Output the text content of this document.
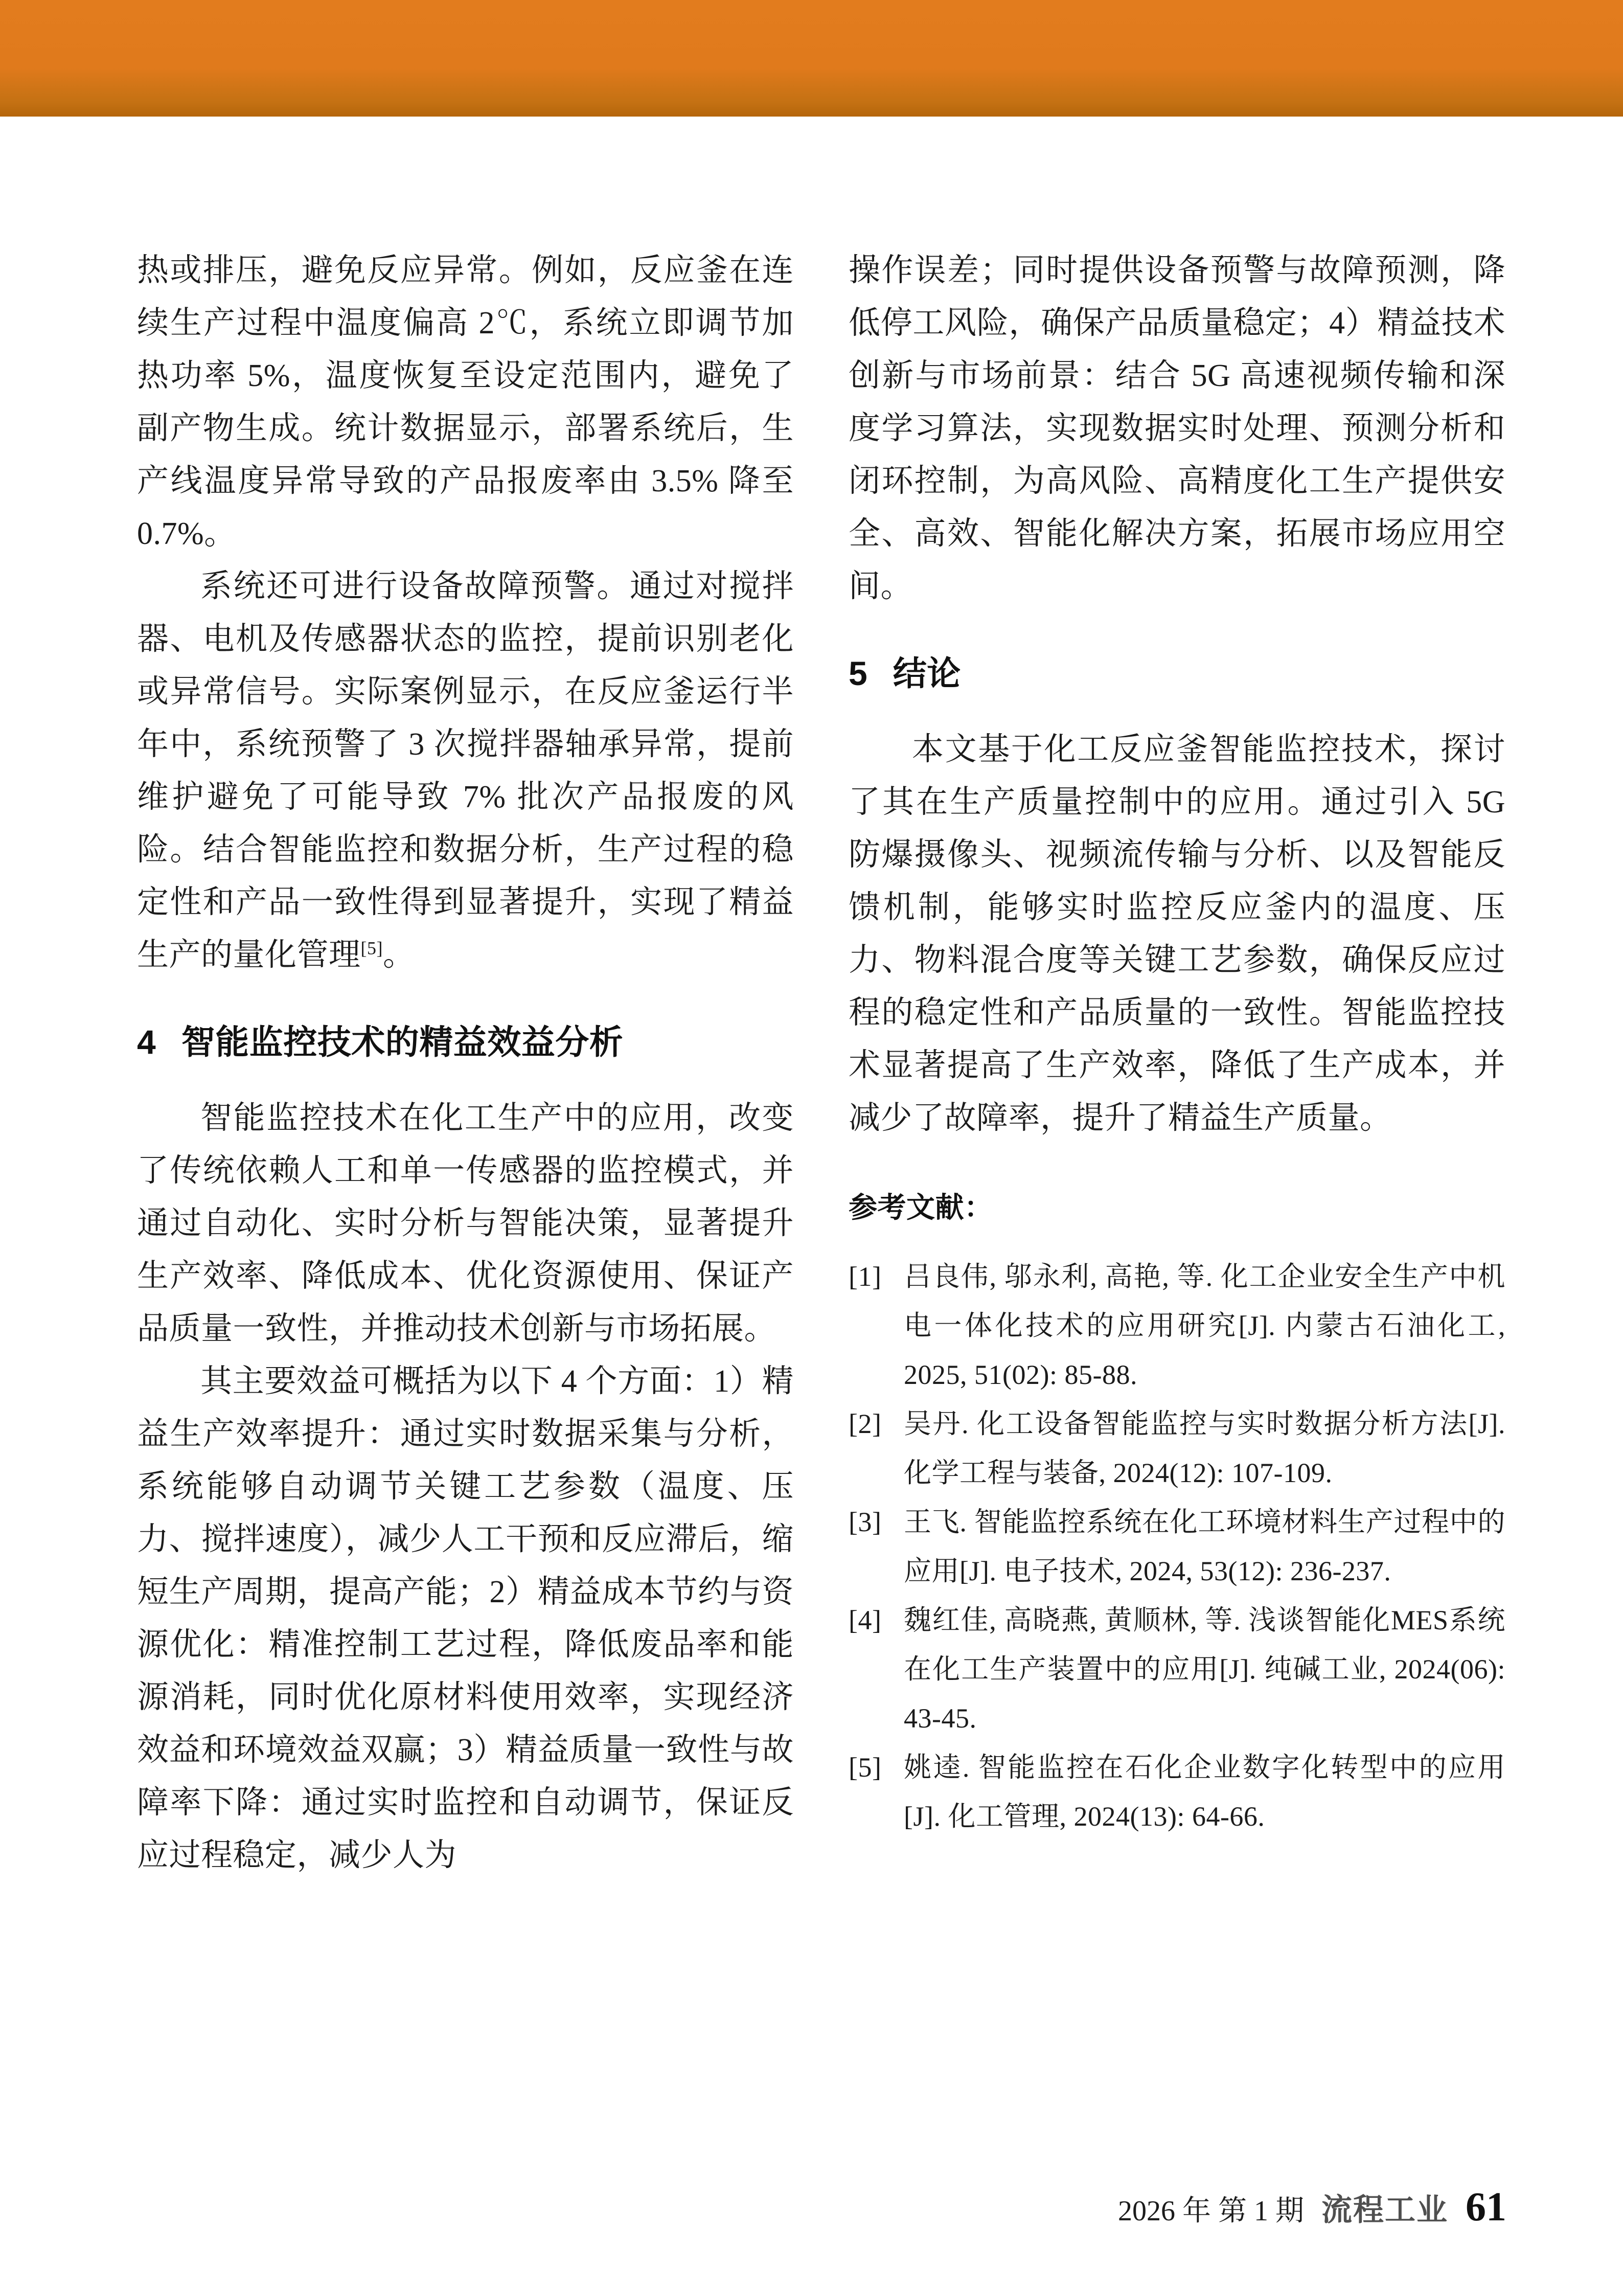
热或排压，避免反应异常。例如，反应釜在连续生产过程中温度偏高 2℃，系统立即调节加热功率 5%，温度恢复至设定范围内，避免了副产物生成。统计数据显示，部署系统后，生产线温度异常导致的产品报废率由 3.5% 降至 0.7%。

系统还可进行设备故障预警。通过对搅拌器、电机及传感器状态的监控，提前识别老化或异常信号。实际案例显示，在反应釜运行半年中，系统预警了 3 次搅拌器轴承异常，提前维护避免了可能导致 7% 批次产品报废的风险。结合智能监控和数据分析，生产过程的稳定性和产品一致性得到显著提升，实现了精益生产的量化管理[5]。

4 智能监控技术的精益效益分析

智能监控技术在化工生产中的应用，改变了传统依赖人工和单一传感器的监控模式，并通过自动化、实时分析与智能决策，显著提升生产效率、降低成本、优化资源使用、保证产品质量一致性，并推动技术创新与市场拓展。

其主要效益可概括为以下 4 个方面：1）精益生产效率提升：通过实时数据采集与分析，系统能够自动调节关键工艺参数（温度、压力、搅拌速度），减少人工干预和反应滞后，缩短生产周期，提高产能；2）精益成本节约与资源优化：精准控制工艺过程，降低废品率和能源消耗，同时优化原材料使用效率，实现经济效益和环境效益双赢；3）精益质量一致性与故障率下降：通过实时监控和自动调节，保证反应过程稳定，减少人为

操作误差；同时提供设备预警与故障预测，降低停工风险，确保产品质量稳定；4）精益技术创新与市场前景：结合 5G 高速视频传输和深度学习算法，实现数据实时处理、预测分析和闭环控制，为高风险、高精度化工生产提供安全、高效、智能化解决方案，拓展市场应用空间。

5 结论

本文基于化工反应釜智能监控技术，探讨了其在生产质量控制中的应用。通过引入 5G 防爆摄像头、视频流传输与分析、以及智能反馈机制，能够实时监控反应釜内的温度、压力、物料混合度等关键工艺参数，确保反应过程的稳定性和产品质量的一致性。智能监控技术显著提高了生产效率，降低了生产成本，并减少了故障率，提升了精益生产质量。

参考文献：
[1] 吕良伟, 邬永利, 高艳, 等. 化工企业安全生产中机电一体化技术的应用研究[J]. 内蒙古石油化工, 2025, 51(02): 85-88.
[2] 吴丹. 化工设备智能监控与实时数据分析方法[J]. 化学工程与装备, 2024(12): 107-109.
[3] 王飞. 智能监控系统在化工环境材料生产过程中的应用[J]. 电子技术, 2024, 53(12): 236-237.
[4] 魏红佳, 高晓燕, 黄顺林, 等. 浅谈智能化MES系统在化工生产装置中的应用[J]. 纯碱工业, 2024(06): 43-45.
[5] 姚逵. 智能监控在石化企业数字化转型中的应用[J]. 化工管理, 2024(13): 64-66.
2026 年 第 1 期 流程工业 61
